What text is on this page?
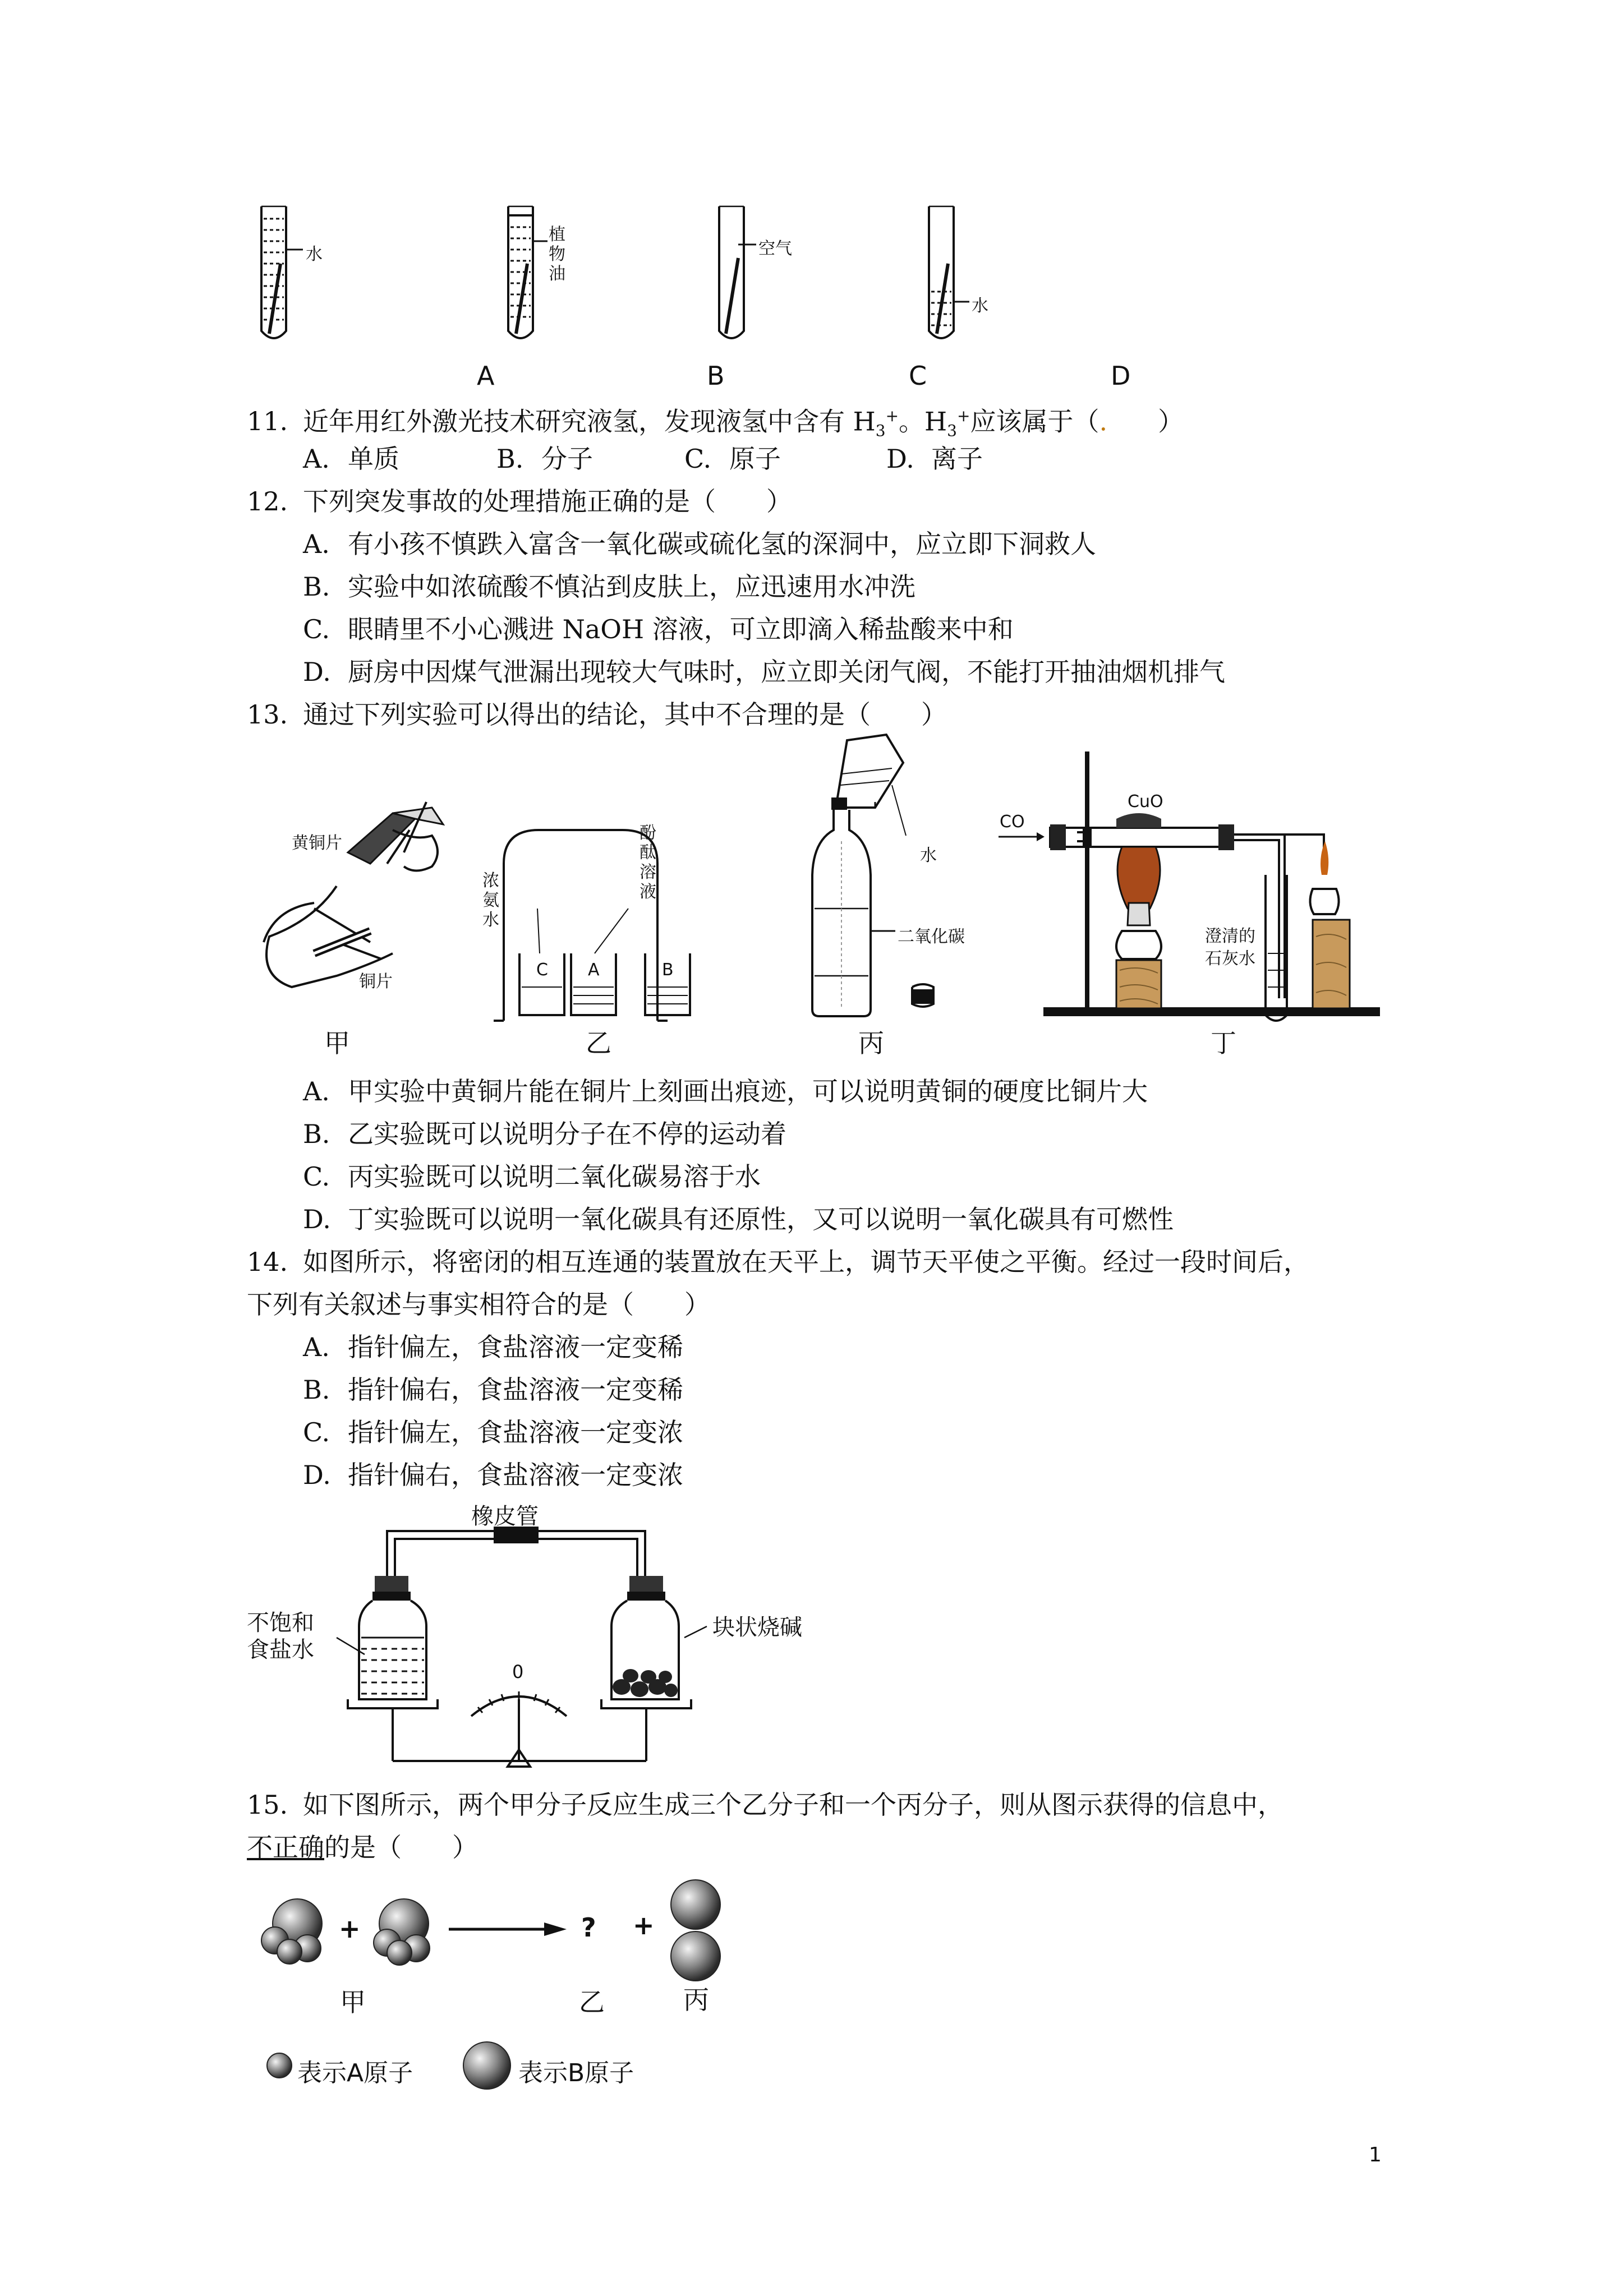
水
植
物
油
空气
水
A	B	C	D
11. 近年用红外激光技术研究液氢，发现液氢中含有 $H_3^+$。$H_3^+$应该属于（. ）
A. 单质	B. 分子	C. 原子	D. 离子
12. 下列突发事故的处理措施正确的是（ ）
A. 有小孩不慎跌入富含一氧化碳或硫化氢的深洞中，应立即下洞救人
B. 实验中如浓硫酸不慎沾到皮肤上，应迅速用水冲洗
C. 眼睛里不小心溅进 NaOH 溶液，可立即滴入稀盐酸来中和
D. 厨房中因煤气泄漏出现较大气味时，应立即关闭气阀，不能打开抽油烟机排气
13. 通过下列实验可以得出的结论，其中不合理的是（ ）
黄铜片
铜片
浓
氨
水
酚
酞
溶
液
C A	B
水
二氧化碳
CO
CuO
澄清的
石灰水
甲	乙	丙	丁
A. 甲实验中黄铜片能在铜片上刻画出痕迹，可以说明黄铜的硬度比铜片大
B. 乙实验既可以说明分子在不停的运动着
C. 丙实验既可以说明二氧化碳易溶于水
D. 丁实验既可以说明一氧化碳具有还原性，又可以说明一氧化碳具有可燃性
14. 如图所示，将密闭的相互连通的装置放在天平上，调节天平使之平衡。经过一段时间后，
下列有关叙述与事实相符合的是（ ）
A. 指针偏左，食盐溶液一定变稀
B. 指针偏右，食盐溶液一定变稀
C. 指针偏左，食盐溶液一定变浓
D. 指针偏右，食盐溶液一定变浓
橡皮管
不饱和
食盐水
块状烧碱
0
15. 如下图所示，两个甲分子反应生成三个乙分子和一个丙分子，则从图示获得的信息中，
不正确的是（ ）
+	? +
甲	乙	丙
表示A原子	表示B原子
1
